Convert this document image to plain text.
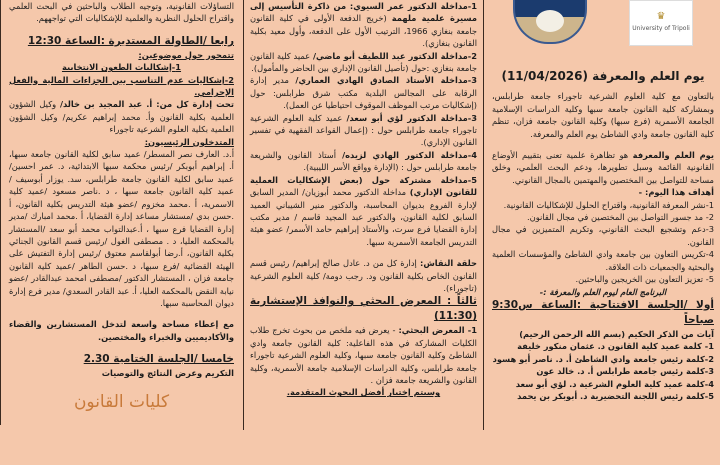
التساؤلات القانونية، وتوجيه الطلاب والباحثين في البحث العلمي واقتراح الحلول النظرية والعلمية للإشكاليات التي تواجههم.

رابعا /الطاولة المستديرة :الساعة 12:30

تتمحور حول موضوعين:

1-إشكاليات الطعون الانتخابية

2-إشكاليات عدم التناسب بين الجزاءات المالية والفعل الإجرامي.

تحت إدارة كل من: أ. عبد المجيد بن خالد/ وكيل الشؤون العلمية بكلية القانون وأ. محمد إبراهيم عكريم/ وكيل الشؤون العلمية بكلية العلوم الشرعية تاجوراء

المتدخلون الرئيسيون:

أ.د. العارف نصر المسطر/ عميد سابق لكلية القانون جامعة سبها، أ. إبراهيم أبوبكر /رئيس محكمة سبها الابتدائية، د. عمر احسين/ عميد سابق لكلية القانون جامعة طرابلس، سد. يوزار أبوسيف /عميد كلية القانون جامعة سبها ، د .ناصر مسعود /عميد كلية الاسمرية، أ .محمد مخزوم /عضو هيئة التدريس بكلية القانون، أ .حسن بدي /مستشار مساعد إدارة القضايا، أ .محمد امبارك /مدير إدارة القضايا فرع سبها ، أ.عبدالتواب محمد أبو سعد /المستشار بالمحكمة العليا، د . مصطفى الغول /رئيس قسم القانون الجنائي بكلية القانون، أ.رضا أبولقاسم معتوق /رئيس إدارة التفتيش على الهيئة القضائية /فرع سبها، د .حسن الطاهر /عميد كلية القانون جامعة فزان ، المستشار الدكتور /مصطفى امحمد عبدالقادر /عضو نيابة النقض بالمحكمة العليا، أ. عبد القادر السعدي/ مدير فرع إدارة ديوان المحاسبة سبها.

مع إعطاء مساحة واسعة لتدخل المستشارين والقضاء والأكاديميين والخبراء والمختصين.

خامسا /الجلسة الختامية 2.30

التكريم وعرض النتائج والتوصيات

كليات القانون

1-مداخلة الدكتور عمر السيوي: من ذاكرة التأسيس إلى مسيرة علمية ملهمة (خريج الدفعة الأولى في كلية القانون جامعة بنغازي 1966، الترتيب الأول على الدفعة، وأول معيد بكلية القانون بنغازي).

2-مداخلة الدكتور عبد اللطيف أبو ماضي/ عميد كلية القانون جامعة بنغازي :حول (تأصيل القانون الإداري بين الحاضر والمأمول).

3-مداخلة الأستاذ الصادق الهادي العماري/ مدير إدارة الرقابة على المجالس البلدية مكتب شرق طرابلس: حول (إشكاليات مرتب الموظف الموقوف احتياطيا عن العمل).

3-مداخلة الدكتور لؤي أبو سعد/ عميد كلية العلوم الشرعية تاجوراء جامعة طرابلس حول : (إعمال القواعد الفقهية في تفسير القانون الإداري).

4-مداخلة الدكتور الهادي لزيده/ أستاذ القانون والشريعة جامعة طرابلس حول : (الإدارة وواقع الأسر الليبية).

5-مداخلة مشتركة حول (بعض الإشكاليات العملية للقانون الإداري) مداخلة الدكتور محمد أبوزيان/ المدير السابق لإدارة الفروع بديوان المحاسبة، والدكتور منير الشيباني العميد السابق لكلية القانون، والدكتور عبد المجيد قاسم / مدير مكتب إدارة القضايا فرع سرت، والأستاذ إبراهيم حامد الأسمر/ عضو هيئة التدريس الجامعة الأسمرية سبها.

حلقة النقاش: إدارة كل من د. عادل صالح إبراهيم/ رئيس قسم القانون الخاص بكلية القانون ود. رجب دومة/ كلية العلوم الشرعية (تاجوراء).

ثالثاً : المعرض البحثي والنوافذ الإستشارية (11:30)

1- المعرض البحثي: - يعرض فيه ملخص من بحوث تخرج طلاب الكليات المشاركة في هذه الفاعلية: كلية القانون جامعة وادي الشاطئ وكلية القانون جامعة سبها، وكلية العلوم الشرعية تاجوراء جامعة طرابلس، وكلية الدراسات الإسلامية جامعة الأسمرية، وكلية القانون والشريعة جامعة فزان .

وسيتم إختيار أفضل البحوث المتقدمة.

♛
University of Tripoli
يوم العلم والمعرفة (11/04/2026)

بالتعاون مع كلية العلوم الشرعية تاجوراء جامعة طرابلس، وبمشاركة كلية القانون جامعة سبها وكلية الدراسات الإسلامية الجامعة الأسمرية (فرع سبها) وكلية القانون جامعة فزان، تنظم كلية القانون جامعة وادي الشاطئ يوم العلم والمعرفة.

يوم العلم والمعرفة هو تظاهرة علمية تعنى بتقييم الأوضاع القانونية القائمة وسبل تطويرها، ودعم البحث العلمي، وخلق مساحة للتواصل بين المختصين والمهتمين بالمجال القانوني.

أهداف هذا اليوم: -

1-نشر المعرفة القانونية، واقتراح الحلول للإشكاليات القانونية.

2- مد جسور التواصل بين المختصين في مجال القانون.

3-دعم وتشجيع البحث القانوني، وتكريم المتميزين في مجال القانون.

4-تكريس التعاون بين جامعة وادي الشاطئ والمؤسسات العلمية والبحثية والجمعيات ذات العلاقة.

5- تعزيز التعاون بين الخريجين والباحثين.

البرنامج العام ليوم العلم والمعرفة :-

أولا /الجلسة الافتتاحية :الساعة س9:30 صباحاً

آيات من الذكر الحكيم (بسم الله الرحمن الرحيم)

1- كلمة عميد كلية القانون د. عثمان منكور خليفة

2-كلمة رئيس جامعة وادي الشاطئ أ. د. ناصر أبو هسود

3-كلمة رئيس جامعة طرابلس أ. د. خالد عون

4-كلمة عميد كلية العلوم الشرعية د. لؤي أبو سعد

5-كلمة رئيس اللجنة التحضيرية د. أبوبكر بن يحمد
